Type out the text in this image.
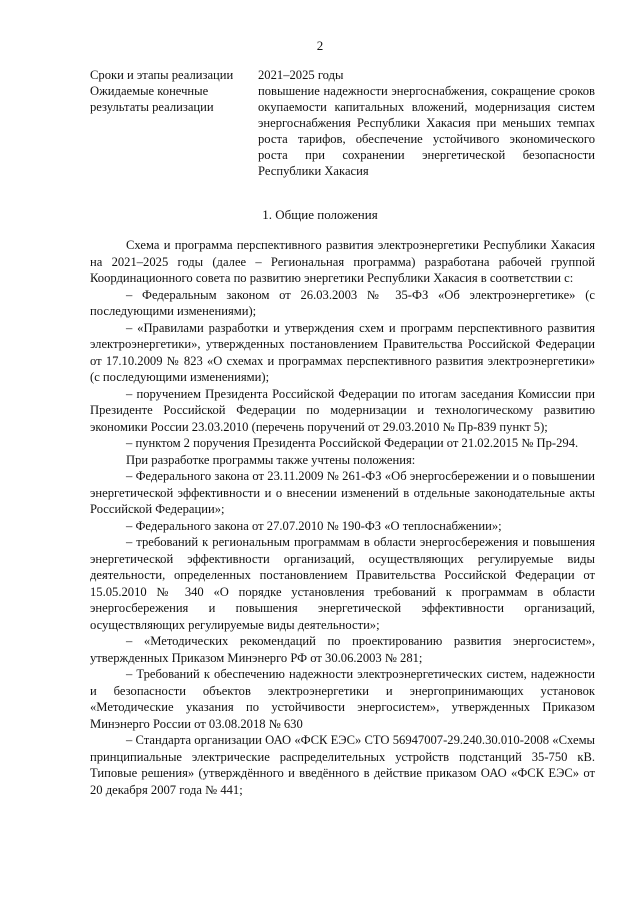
2
Сроки и этапы реализации	2021–2025 годы
Ожидаемые конечные результаты реализации
повышение надежности энергоснабжения, сокращение сроков окупаемости капитальных вложений, модернизация систем энергоснабжения Республики Хакасия при меньших темпах роста тарифов, обеспечение устойчивого экономического роста при сохранении энергетической безопасности Республики Хакасия
1. Общие положения

Схема и программа перспективного развития электроэнергетики Республики Хакасия на 2021–2025 годы (далее – Региональная программа) разработана рабочей группой Координационного совета по развитию энергетики Республики Хакасия в соответствии с:

– Федеральным законом от 26.03.2003 № 35-ФЗ «Об электроэнергетике» (с последующими изменениями);

– «Правилами разработки и утверждения схем и программ перспективного развития электроэнергетики», утвержденных постановлением Правительства Российской Федерации от 17.10.2009 № 823 «О схемах и программах перспективного развития электроэнергетики» (с последующими изменениями);

– поручением Президента Российской Федерации по итогам заседания Комиссии при Президенте Российской Федерации по модернизации и технологическому развитию экономики России 23.03.2010 (перечень поручений от 29.03.2010 № Пр-839 пункт 5);

– пунктом 2 поручения Президента Российской Федерации от 21.02.2015 № Пр-294.

При разработке программы также учтены положения:

– Федерального закона от 23.11.2009 № 261-ФЗ «Об энергосбережении и о повышении энергетической эффективности и о внесении изменений в отдельные законодательные акты Российской Федерации»;

– Федерального закона от 27.07.2010 № 190-ФЗ «О теплоснабжении»;

– требований к региональным программам в области энергосбережения и повышения энергетической эффективности организаций, осуществляющих регулируемые виды деятельности, определенных постановлением Правительства Российской Федерации от 15.05.2010 № 340 «О порядке установления требований к программам в области энергосбережения и повышения энергетической эффективности организаций, осуществляющих регулируемые виды деятельности»;

– «Методических рекомендаций по проектированию развития энергосистем», утвержденных Приказом Минэнерго РФ от 30.06.2003 № 281;

– Требований к обеспечению надежности электроэнергетических систем, надежности и безопасности объектов электроэнергетики и энергопринимающих установок «Методические указания по устойчивости энергосистем», утвержденных Приказом Минэнерго России от 03.08.2018 № 630

– Стандарта организации ОАО «ФСК ЕЭС» СТО 56947007-29.240.30.010-2008 «Схемы принципиальные электрические распределительных устройств подстанций 35-750 кВ. Типовые решения» (утверждённого и введённого в действие приказом ОАО «ФСК ЕЭС» от 20 декабря 2007 года № 441;
